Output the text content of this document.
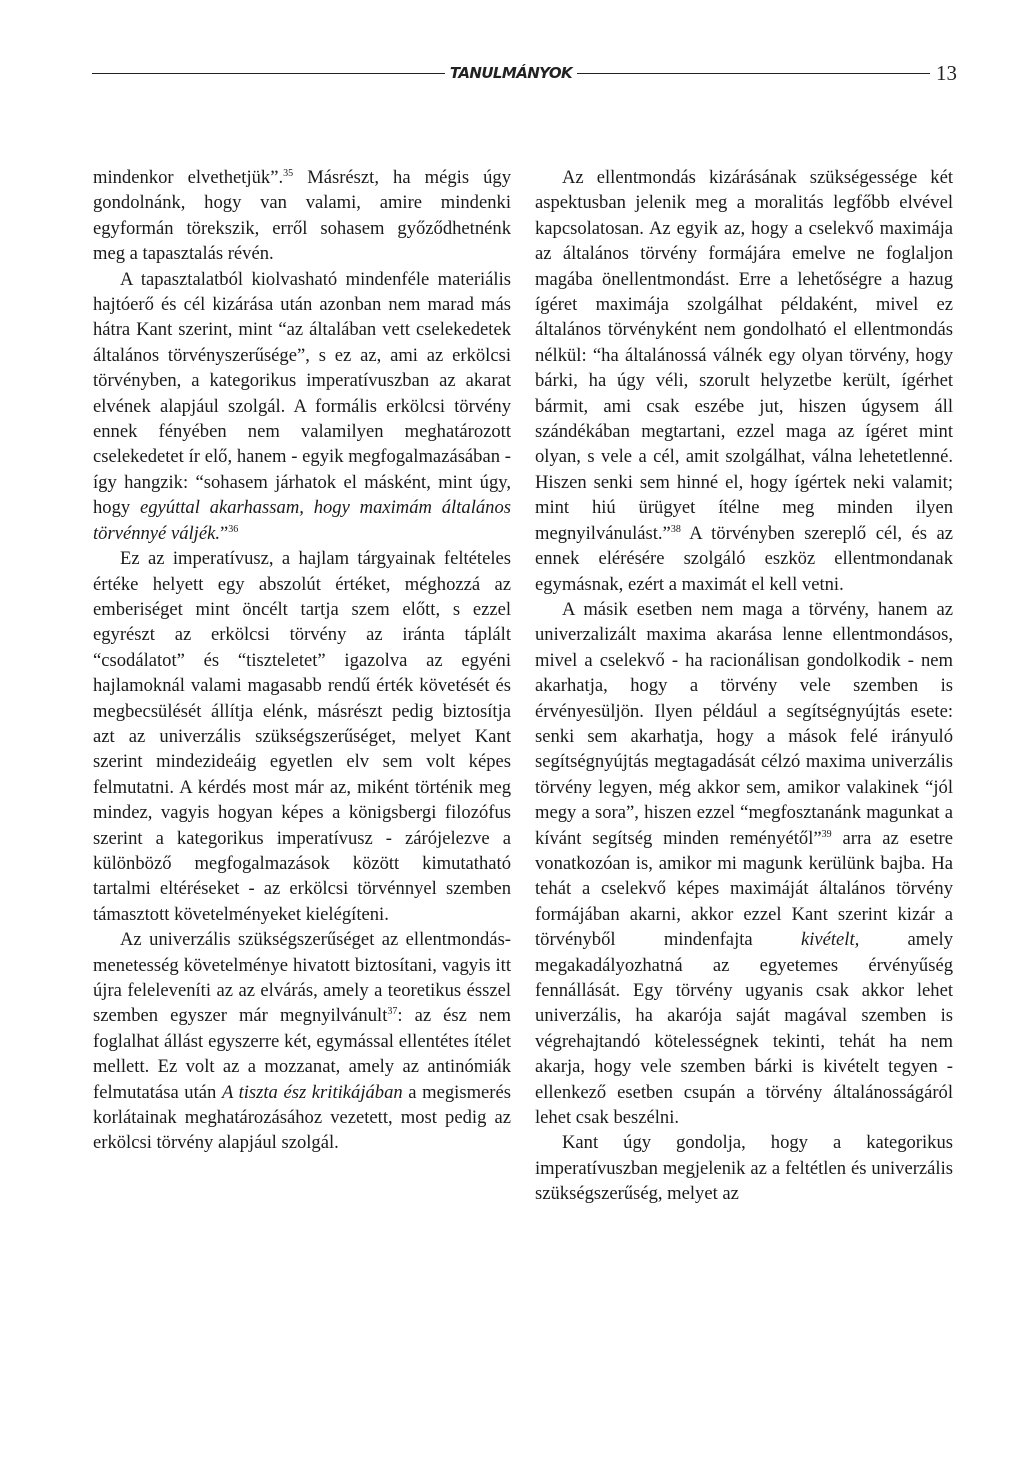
TANULMÁNYOK	13

mindenkor elvethetjük”.$^{35}$ Másrészt, ha mégis úgy gondolnánk, hogy van valami, amire mindenki egyformán törekszik, erről sohasem győződhetnénk meg a tapasztalás révén.

A tapasztalatból kiolvasható mindenféle materiális hajtóerő és cél kizárása után azonban nem marad más hátra Kant szerint, mint “az általában vett cselekedetek általános törvényszerűsége”, s ez az, ami az erkölcsi törvényben, a kategorikus imperatívuszban az akarat elvének alapjául szolgál. A formális erkölcsi törvény ennek fényében nem valamilyen meghatározott cselekedetet ír elő, hanem - egyik megfogalmazásában - így hangzik: “sohasem járhatok el másként, mint úgy, hogy egyúttal akarhassam, hogy maximám általános törvénnyé váljék.”$^{36}$

Ez az imperatívusz, a hajlam tárgyainak feltételes értéke helyett egy abszolút értéket, méghozzá az emberiséget mint öncélt tartja szem előtt, s ezzel egyrészt az erkölcsi törvény az iránta táplált “csodálatot” és “tiszteletet” igazolva az egyéni hajlamoknál valami magasabb rendű érték követését és megbecsülését állítja elénk, másrészt pedig biztosítja azt az univerzális szükségszerűséget, melyet Kant szerint mindezideáig egyetlen elv sem volt képes felmutatni. A kérdés most már az, miként történik meg mindez, vagyis hogyan képes a königsbergi filozófus szerint a kategorikus imperatívusz - zárójelezve a különböző megfogalmazások között kimutatható tartalmi eltéréseket - az erkölcsi törvénnyel szemben támasztott követelményeket kielégíteni.

Az univerzális szükségszerűséget az ellentmondás-menetesség követelménye hivatott biztosítani, vagyis itt újra feleleveníti az az elvárás, amely a teoretikus ésszel szemben egyszer már megnyilvánult$^{37}$: az ész nem foglalhat állást egyszerre két, egymással ellentétes ítélet mellett. Ez volt az a mozzanat, amely az antinómiák felmutatása után A tiszta ész kritikájában a megismerés korlátainak meghatározásához vezetett, most pedig az erkölcsi törvény alapjául szolgál.

Az ellentmondás kizárásának szükségessége két aspektusban jelenik meg a moralitás legfőbb elvével kapcsolatosan. Az egyik az, hogy a cselekvő maximája az általános törvény formájára emelve ne foglaljon magába önellentmondást. Erre a lehetőségre a hazug ígéret maximája szolgálhat példaként, mivel ez általános törvényként nem gondolható el ellentmondás nélkül: “ha általánossá válnék egy olyan törvény, hogy bárki, ha úgy véli, szorult helyzetbe került, ígérhet bármit, ami csak eszébe jut, hiszen úgysem áll szándékában megtartani, ezzel maga az ígéret mint olyan, s vele a cél, amit szolgálhat, válna lehetetlenné. Hiszen senki sem hinné el, hogy ígértek neki valamit; mint hiú ürügyet ítélne meg minden ilyen megnyilvánulást.”$^{38}$ A törvényben szereplő cél, és az ennek elérésére szolgáló eszköz ellentmondanak egymásnak, ezért a maximát el kell vetni.

A másik esetben nem maga a törvény, hanem az univerzalizált maxima akarása lenne ellentmondásos, mivel a cselekvő - ha racionálisan gondolkodik - nem akarhatja, hogy a törvény vele szemben is érvényesüljön. Ilyen például a segítségnyújtás esete: senki sem akarhatja, hogy a mások felé irányuló segítségnyújtás megtagadását célzó maxima univerzális törvény legyen, még akkor sem, amikor valakinek “jól megy a sora”, hiszen ezzel “megfosztanánk magunkat a kívánt segítség minden reményétől”$^{39}$ arra az esetre vonatkozóan is, amikor mi magunk kerülünk bajba. Ha tehát a cselekvő képes maximáját általános törvény formájában akarni, akkor ezzel Kant szerint kizár a törvényből mindenfajta kivételt, amely megakadályozhatná az egyetemes érvényűség fennállását. Egy törvény ugyanis csak akkor lehet univerzális, ha akarója saját magával szemben is végrehajtandó kötelességnek tekinti, tehát ha nem akarja, hogy vele szemben bárki is kivételt tegyen - ellenkező esetben csupán a törvény általánosságáról lehet csak beszélni.

Kant úgy gondolja, hogy a kategorikus imperatívuszban megjelenik az a feltétlen és univerzális szükségszerűség, melyet az
